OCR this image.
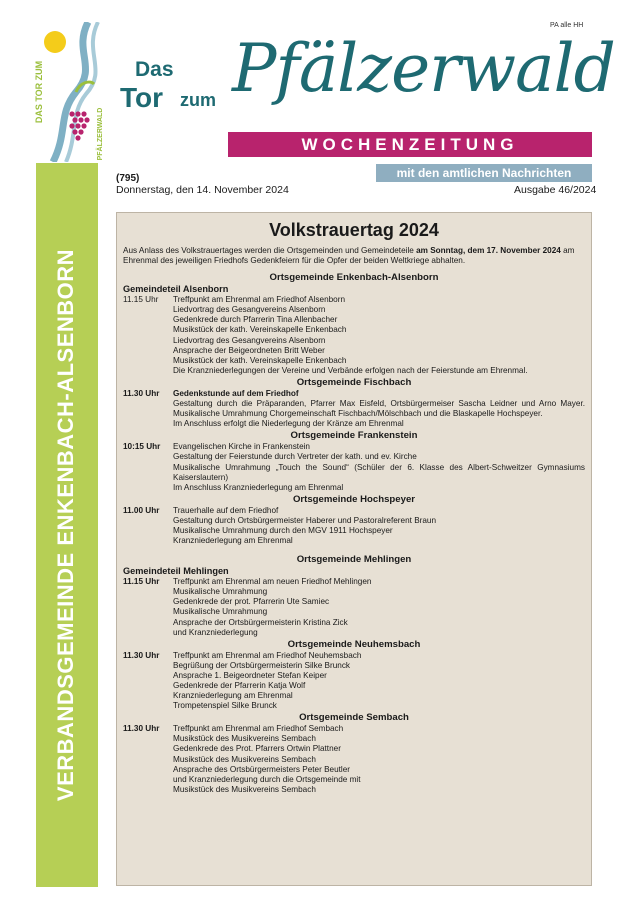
DAS TOR ZUM
PFÄLZERWALD
PA alle HH
Das
Tor zum Pfälzerwald
WOCHENZEITUNG
mit den amtlichen Nachrichten
(795)
Donnerstag, den 14. November 2024	Ausgabe 46/2024
VERBANDSGEMEINDE ENKENBACH-ALSENBORN
Volkstrauertag 2024

Aus Anlass des Volkstrauertages werden die Ortsgemeinden und Gemeindeteile am Sonntag, dem 17. November 2024 am Ehrenmal des jeweiligen Friedhofs Gedenkfeiern für die Opfer der beiden Weltkriege abhalten.

Ortsgemeinde Enkenbach-Alsenborn
Gemeindeteil Alsenborn
11.15 Uhr	Treffpunkt am Ehrenmal am Friedhof Alsenborn
Liedvortrag des Gesangvereins Alsenborn
Gedenkrede durch Pfarrerin Tina Allenbacher
Musikstück der kath. Vereinskapelle Enkenbach
Liedvortrag des Gesangvereins Alsenborn
Ansprache der Beigeordneten Britt Weber
Musikstück der kath. Vereinskapelle Enkenbach
Die Kranzniederlegungen der Vereine und Verbände erfolgen nach der Feierstunde am Ehrenmal.
Ortsgemeinde Fischbach
11.30 Uhr	Gedenkstunde auf dem Friedhof
Gestaltung durch die Präparanden, Pfarrer Max Eisfeld, Ortsbürgermeiser Sascha Leidner und Arno Mayer. Musikalische Umrahmung Chorgemeinschaft Fischbach/Mölschbach und die Blaskapelle Hochspeyer.
Im Anschluss erfolgt die Niederlegung der Kränze am Ehrenmal
Ortsgemeinde Frankenstein
10:15 Uhr	Evangelischen Kirche in Frankenstein
Gestaltung der Feierstunde durch Vertreter der kath. und ev. Kirche
Musikalische Umrahmung „Touch the Sound“ (Schüler der 6. Klasse des Albert-Schweitzer Gymnasiums Kaiserslautern)
Im Anschluss Kranzniederlegung am Ehrenmal
Ortsgemeinde Hochspeyer
11.00 Uhr	Trauerhalle auf dem Friedhof
Gestaltung durch Ortsbürgermeister Haberer und Pastoralreferent Braun
Musikalische Umrahmung durch den MGV 1911 Hochspeyer
Kranzniederlegung am Ehrenmal
Ortsgemeinde Mehlingen
Gemeindeteil Mehlingen
11.15 Uhr	Treffpunkt am Ehrenmal am neuen Friedhof Mehlingen
Musikalische Umrahmung
Gedenkrede der prot. Pfarrerin Ute Samiec
Musikalische Umrahmung
Ansprache der Ortsbürgermeisterin Kristina Zick
und Kranzniederlegung
Ortsgemeinde Neuhemsbach
11.30 Uhr	Treffpunkt am Ehrenmal am Friedhof Neuhemsbach
Begrüßung der Ortsbürgermeisterin Silke Brunck
Ansprache 1. Beigeordneter Stefan Keiper
Gedenkrede der Pfarrerin Katja Wolf
Kranzniederlegung am Ehrenmal
Trompetenspiel Silke Brunck
Ortsgemeinde Sembach
11.30 Uhr	Treffpunkt am Ehrenmal am Friedhof Sembach
Musikstück des Musikvereins Sembach
Gedenkrede des Prot. Pfarrers Ortwin Plattner
Musikstück des Musikvereins Sembach
Ansprache des Ortsbürgermeisters Peter Beutler
und Kranzniederlegung durch die Ortsgemeinde mit
Musikstück des Musikvereins Sembach
